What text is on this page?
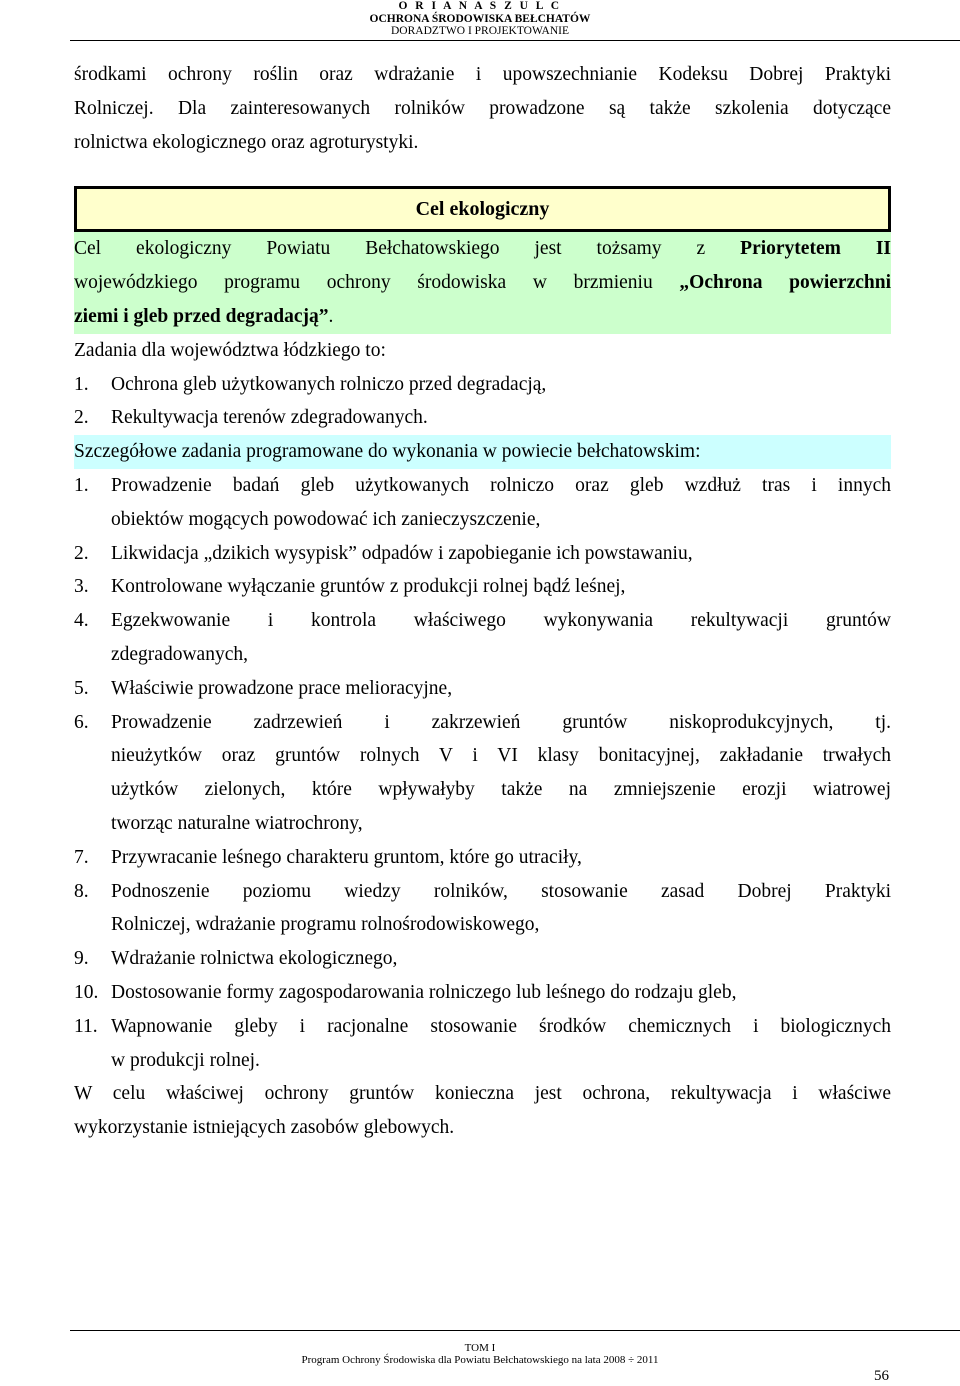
O R I A N A S Z U L C
OCHRONA ŚRODOWISKA BEŁCHATÓW
DORADZTWO I PROJEKTOWANIE

środkami ochrony roślin oraz wdrażanie i upowszechnianie Kodeksu Dobrej Praktyki

Rolniczej. Dla zainteresowanych rolników prowadzone są także szkolenia dotyczące

rolnictwa ekologicznego oraz agroturystyki.

Cel ekologiczny

Cel ekologiczny Powiatu Bełchatowskiego jest tożsamy z Priorytetem II

wojewódzkiego programu ochrony środowiska w brzmieniu „Ochrona powierzchni

ziemi i gleb przed degradacją”.

Zadania dla województwa łódzkiego to:

1. Ochrona gleb użytkowanych rolniczo przed degradacją,
2. Rekultywacja terenów zdegradowanych.

Szczegółowe zadania programowane do wykonania w powiecie bełchatowskim:

1. Prowadzenie badań gleb użytkowanych rolniczo oraz gleb wzdłuż tras i innych
obiektów mogących powodować ich zanieczyszczenie,
2. Likwidacja „dzikich wysypisk” odpadów i zapobieganie ich powstawaniu,
3. Kontrolowane wyłączanie gruntów z produkcji rolnej bądź leśnej,
4. Egzekwowanie i kontrola właściwego wykonywania rekultywacji gruntów
zdegradowanych,
5. Właściwie prowadzone prace melioracyjne,
6. Prowadzenie zadrzewień i zakrzewień gruntów niskoprodukcyjnych, tj.
nieużytków oraz gruntów rolnych V i VI klasy bonitacyjnej, zakładanie trwałych
użytków zielonych, które wpływałyby także na zmniejszenie erozji wiatrowej
tworząc naturalne wiatrochrony,
7. Przywracanie leśnego charakteru gruntom, które go utraciły,
8. Podnoszenie poziomu wiedzy rolników, stosowanie zasad Dobrej Praktyki
Rolniczej, wdrażanie programu rolnośrodowiskowego,
9. Wdrażanie rolnictwa ekologicznego,
10. Dostosowanie formy zagospodarowania rolniczego lub leśnego do rodzaju gleb,
11. Wapnowanie gleby i racjonalne stosowanie środków chemicznych i biologicznych
w produkcji rolnej.

W celu właściwej ochrony gruntów konieczna jest ochrona, rekultywacja i właściwe

wykorzystanie istniejących zasobów glebowych.

TOM I
Program Ochrony Środowiska dla Powiatu Bełchatowskiego na lata 2008 ÷ 2011
56
